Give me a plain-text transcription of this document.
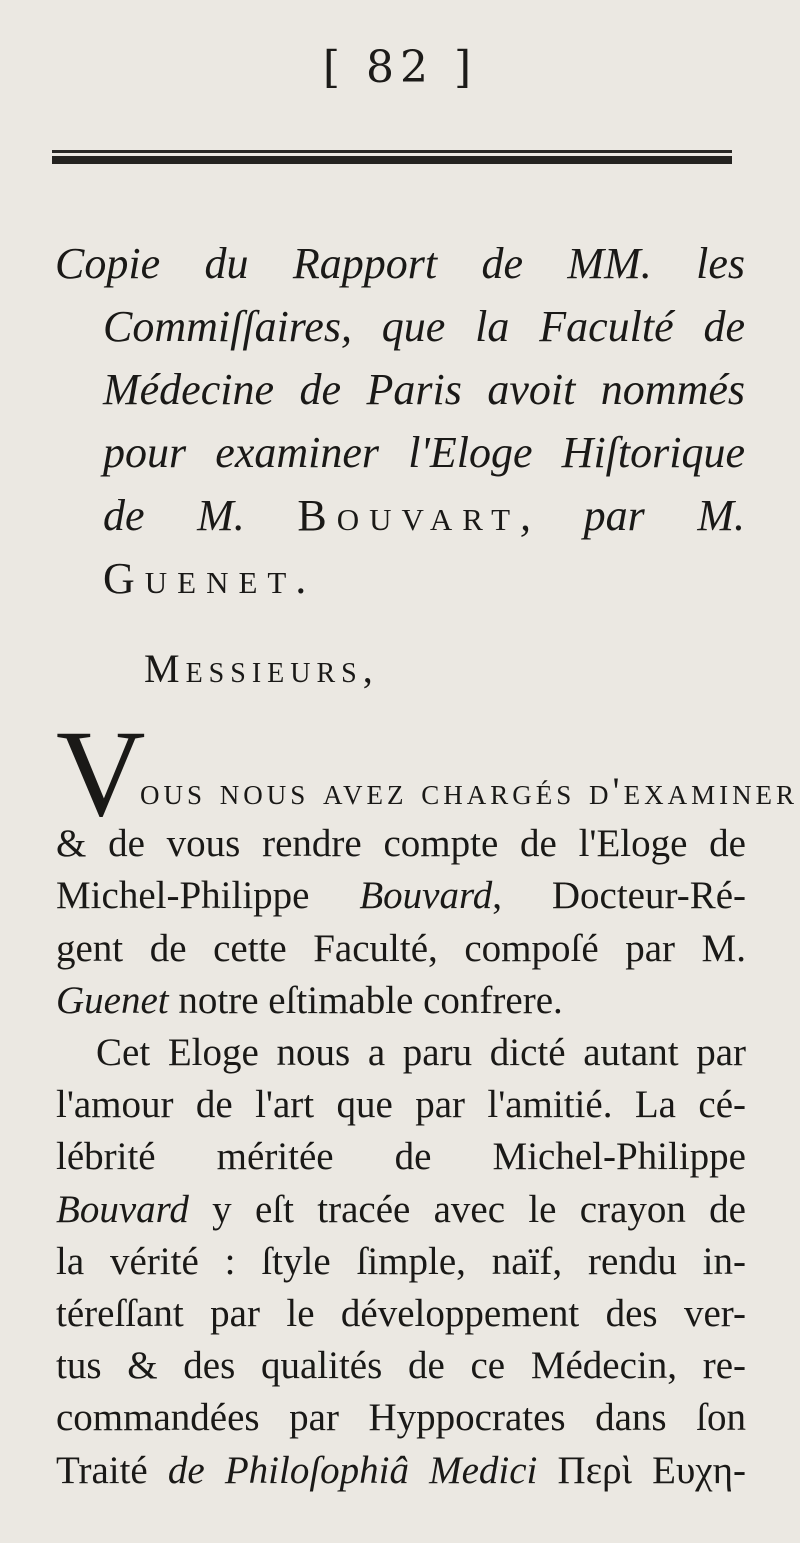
[ 82 ]
Copie du Rapport de MM. les
Commiſſaires, que la Faculté de
Médecine de Paris avoit nommés
pour examiner l'Eloge Hiſtorique
de M. Bouvart, par M.
Guenet.
Messieurs,
V
ous nous avez chargés d'examiner
& de vous rendre compte de l'Eloge de
Michel-Philippe Bouvard, Docteur-Ré-
gent de cette Faculté, compoſé par M.
Guenet notre eſtimable confrere.
Cet Eloge nous a paru dicté autant par
l'amour de l'art que par l'amitié. La cé-
lébrité méritée de Michel-Philippe
Bouvard y eſt tracée avec le crayon de
la vérité : ſtyle ſimple, naïf, rendu in-
téreſſant par le développement des ver-
tus & des qualités de ce Médecin, re-
commandées par Hyppocrates dans ſon
Traité de Philoſophiâ Medici Περὶ Ευχη-
